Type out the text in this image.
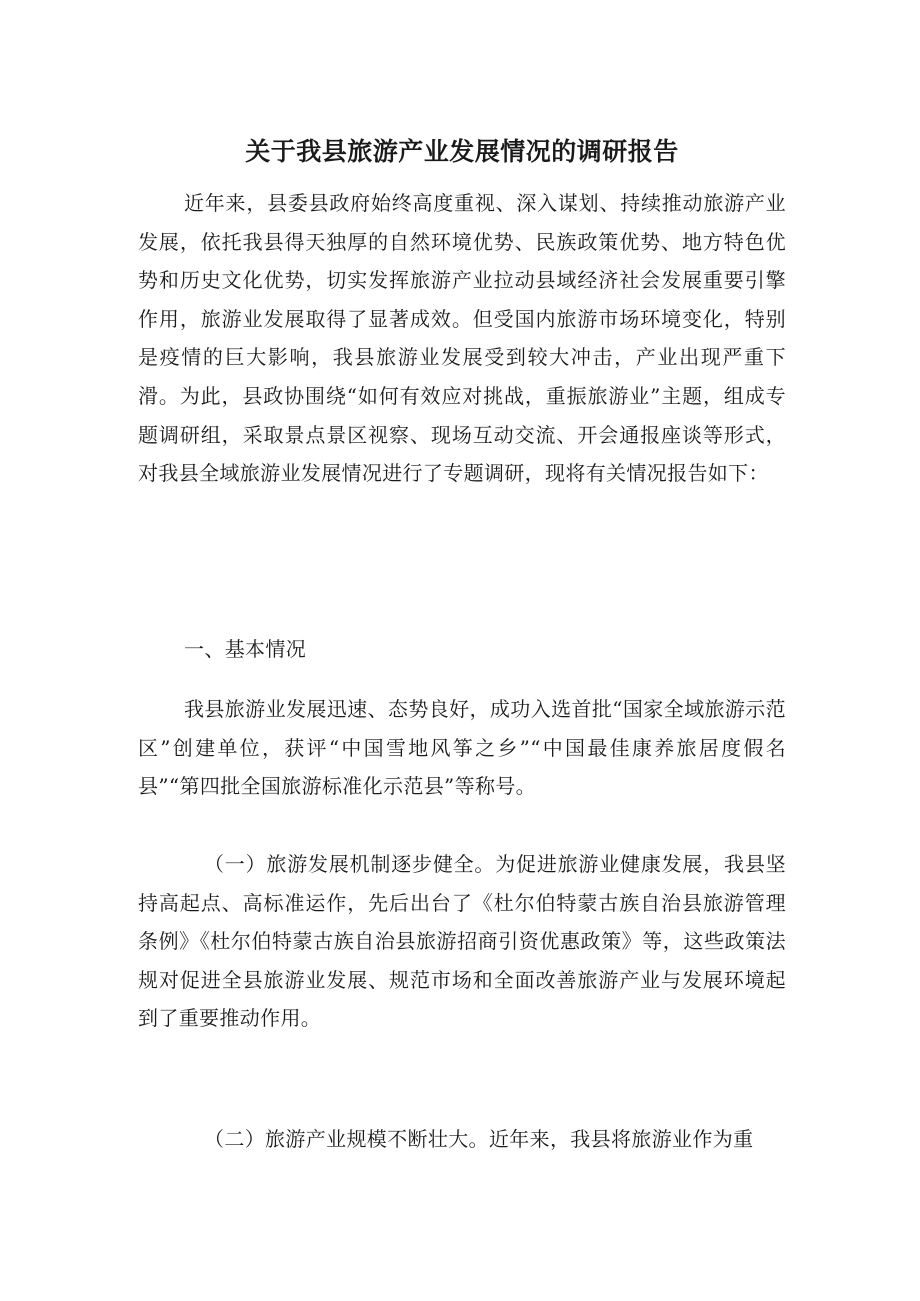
关于我县旅游产业发展情况的调研报告

近年来，县委县政府始终高度重视、深入谋划、持续推动旅游产业发展，依托我县得天独厚的自然环境优势、民族政策优势、地方特色优势和历史文化优势，切实发挥旅游产业拉动县域经济社会发展重要引擎作用，旅游业发展取得了显著成效。但受国内旅游市场环境变化，特别是疫情的巨大影响，我县旅游业发展受到较大冲击，产业出现严重下滑。为此，县政协围绕“如何有效应对挑战，重振旅游业”主题，组成专题调研组，采取景点景区视察、现场互动交流、开会通报座谈等形式，对我县全域旅游业发展情况进行了专题调研，现将有关情况报告如下：

一、基本情况

我县旅游业发展迅速、态势良好，成功入选首批“国家全域旅游示范区”创建单位，获评“中国雪地风筝之乡”“中国最佳康养旅居度假名县”“第四批全国旅游标准化示范县”等称号。

（一）旅游发展机制逐步健全。为促进旅游业健康发展，我县坚持高起点、高标准运作，先后出台了《杜尔伯特蒙古族自治县旅游管理条例》《杜尔伯特蒙古族自治县旅游招商引资优惠政策》等，这些政策法规对促进全县旅游业发展、规范市场和全面改善旅游产业与发展环境起到了重要推动作用。

（二）旅游产业规模不断壮大。近年来，我县将旅游业作为重
